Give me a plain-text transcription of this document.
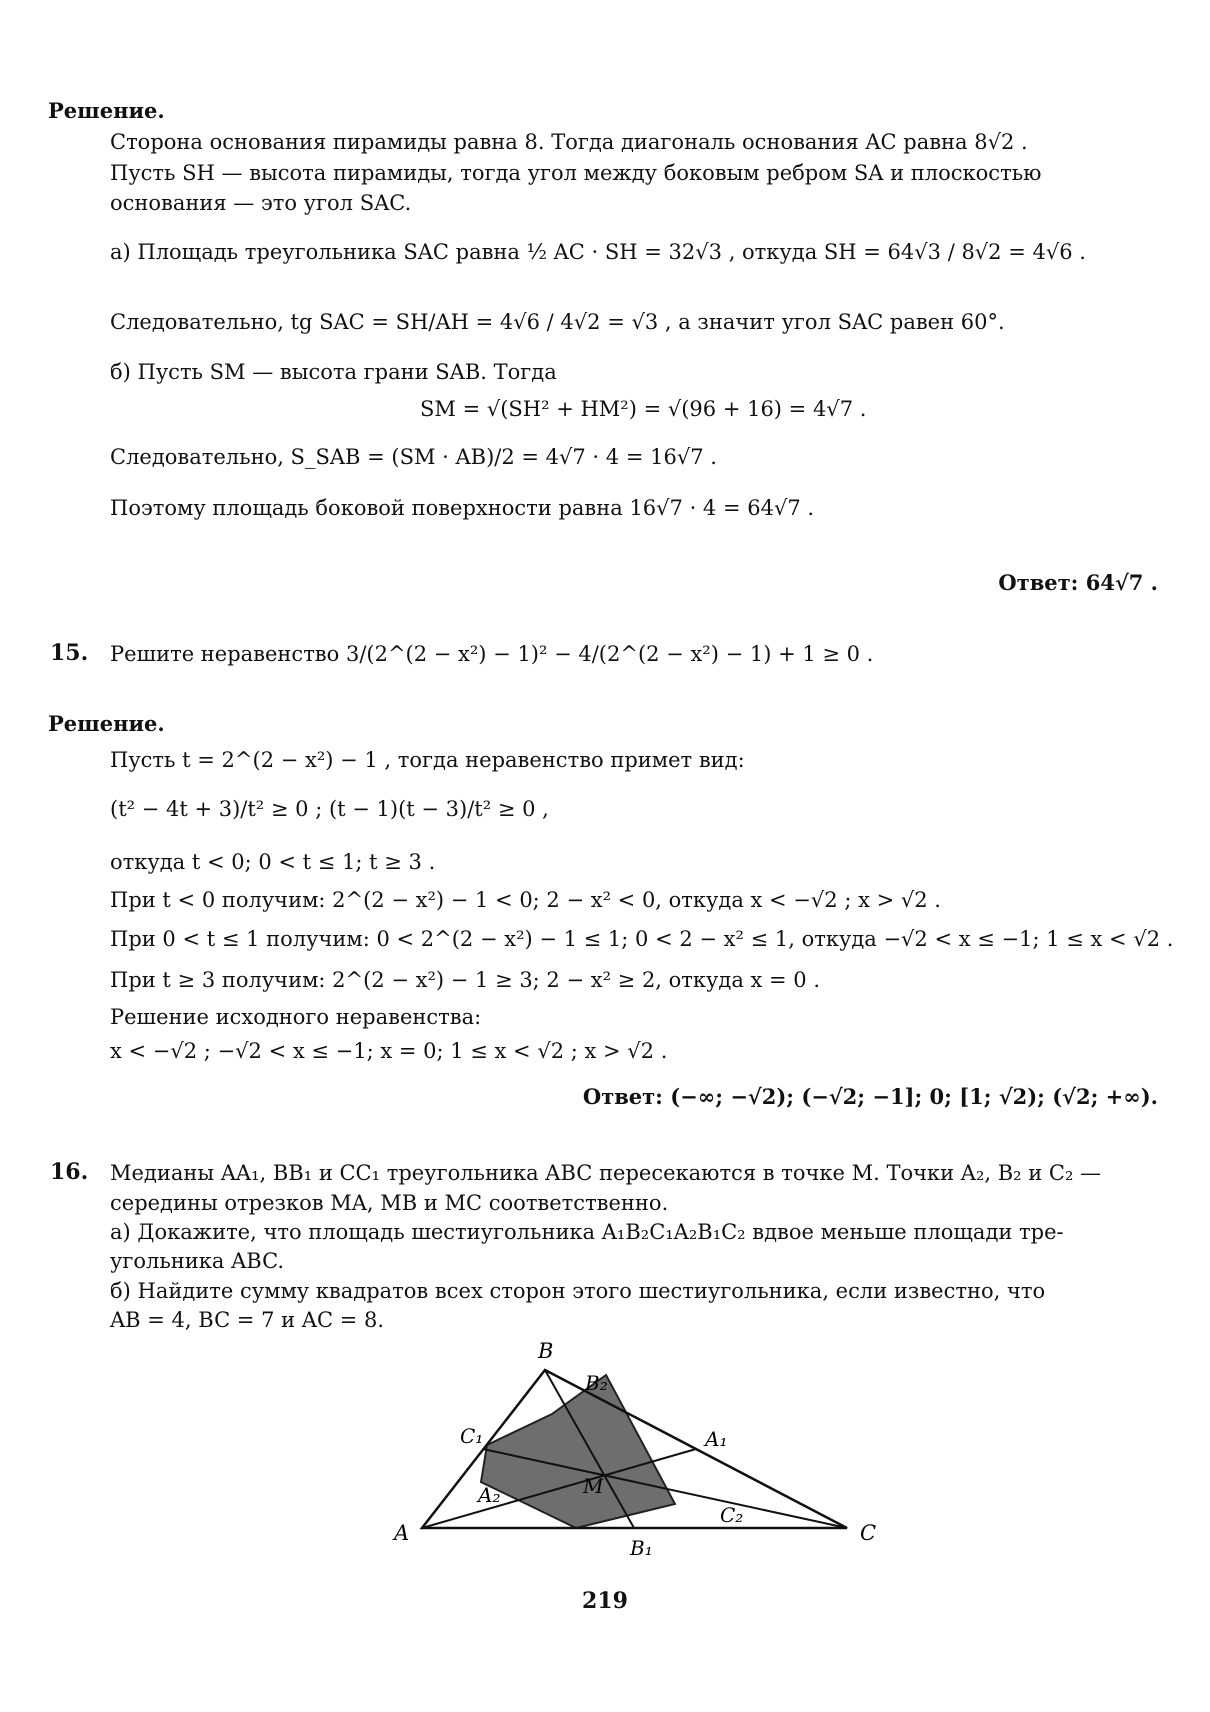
Решение.
Сторона основания пирамиды равна 8. Тогда диагональ основания AC равна 8√2 .
Пусть SH — высота пирамиды, тогда угол между боковым ребром SA и плоскостью
основания — это угол SAC.
а) Площадь треугольника SAC равна ½ AC · SH = 32√3 , откуда SH = 64√3 / 8√2 = 4√6 .
Следовательно, tg SAC = SH/AH = 4√6 / 4√2 = √3 , а значит угол SAC равен 60°.
б) Пусть SM — высота грани SAB. Тогда
SM = √(SH² + HM²) = √(96 + 16) = 4√7 .
Следовательно, S_SAB = (SM · AB)/2 = 4√7 · 4 = 16√7 .
Поэтому площадь боковой поверхности равна 16√7 · 4 = 64√7 .
Ответ: 64√7 .
15. Решите неравенство 3/(2^(2 − x²) − 1)² − 4/(2^(2 − x²) − 1) + 1 ≥ 0 .
Решение.
Пусть t = 2^(2 − x²) − 1 , тогда неравенство примет вид:
(t² − 4t + 3)/t² ≥ 0 ; (t − 1)(t − 3)/t² ≥ 0 ,
откуда t < 0; 0 < t ≤ 1; t ≥ 3 .
При t < 0 получим: 2^(2 − x²) − 1 < 0; 2 − x² < 0, откуда x < −√2 ; x > √2 .
При 0 < t ≤ 1 получим: 0 < 2^(2 − x²) − 1 ≤ 1; 0 < 2 − x² ≤ 1, откуда −√2 < x ≤ −1; 1 ≤ x < √2 .
При t ≥ 3 получим: 2^(2 − x²) − 1 ≥ 3; 2 − x² ≥ 2, откуда x = 0 .
Решение исходного неравенства:
x < −√2 ; −√2 < x ≤ −1; x = 0; 1 ≤ x < √2 ; x > √2 .
Ответ: (−∞; −√2); (−√2; −1]; 0; [1; √2); (√2; +∞).
16. Медианы AA₁, BB₁ и CC₁ треугольника ABC пересекаются в точке M. Точки A₂, B₂ и C₂ —
середины отрезков MA, MB и MC соответственно.
а) Докажите, что площадь шестиугольника A₁B₂C₁A₂B₁C₂ вдвое меньше площади тре-
угольника ABC.
б) Найдите сумму квадратов всех сторон этого шестиугольника, если известно, что
AB = 4, BC = 7 и AC = 8.
B
B₂
C₁	A₁
A₂	M
C₂
A
B₁
C
219
